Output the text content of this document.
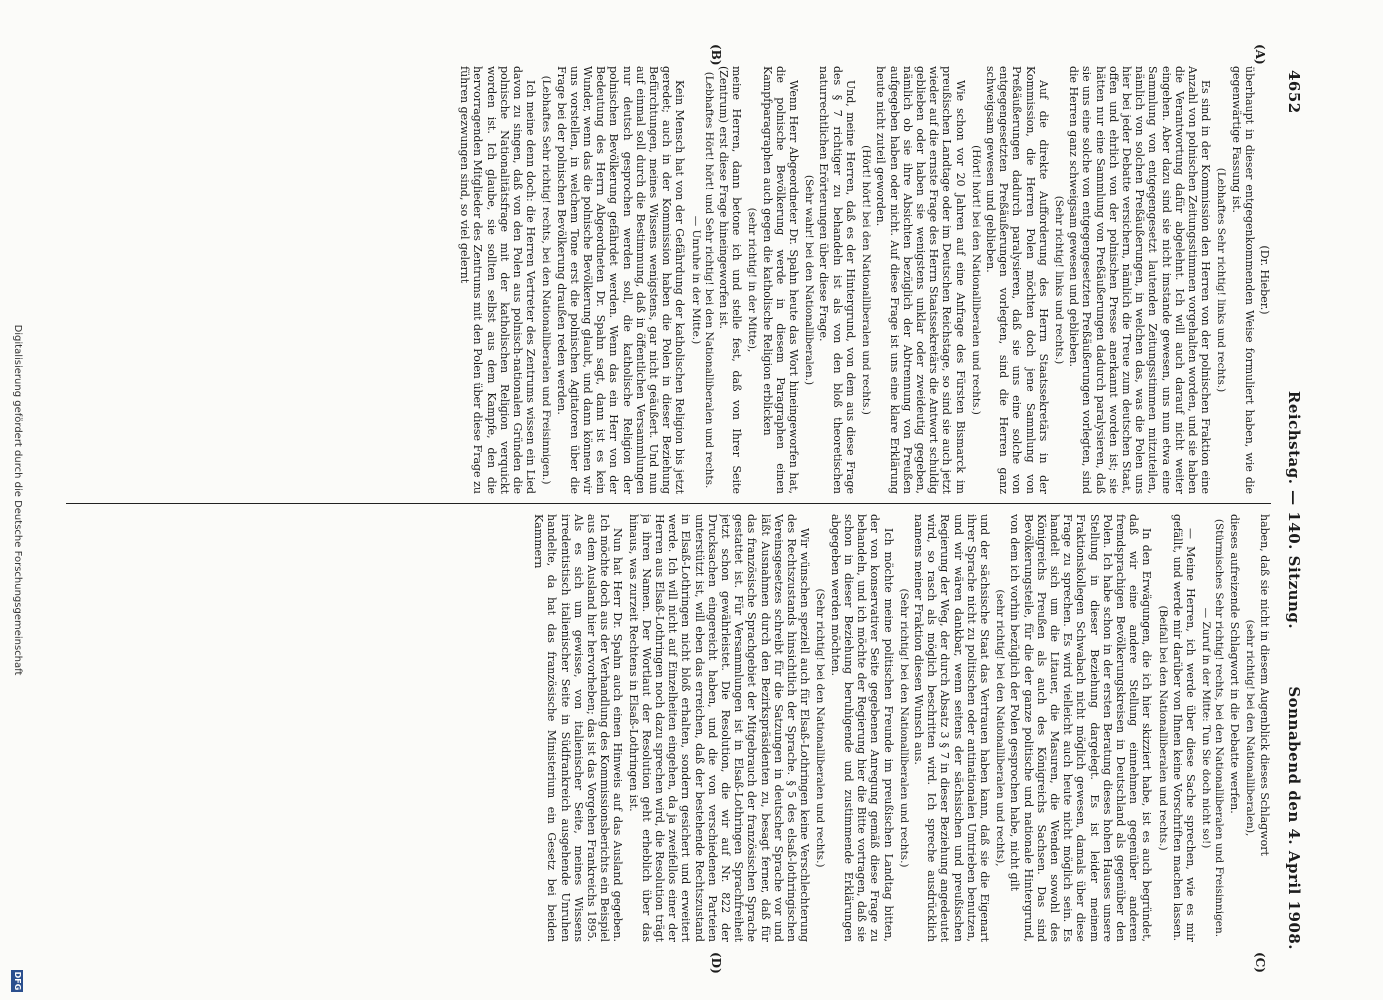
4652
Reichstag. — 140. Sitzung.
Sonnabend den 4. April 1908.
(A)
(B)
(C)
(D)

(Dr. Hieber.)

überhaupt in dieser entgegenkommenden Weise formuliert haben, wie die gegenwärtige Fassung ist.

(Lebhaftes Sehr richtig! links und rechts.)

Es sind in der Kommission den Herren von der polnischen Fraktion eine Anzahl von polnischen Zeitungsstimmen vorgehalten worden, und sie haben die Verantwortung dafür abgelehnt. Ich will auch darauf nicht weiter eingehen. Aber dazu sind sie nicht imstande gewesen, uns nun etwa eine Sammlung von entgegengesetzt lautenden Zeitungsstimmen mitzuteilen, nämlich von solchen Preßäußerungen, in welchen das, was die Polen uns hier bei jeder Debatte versichern, nämlich die Treue zum deutschen Staat, offen und ehrlich von der polnischen Presse anerkannt worden ist; sie hätten nur eine Sammlung von Preßäußerungen dadurch paralysieren, daß sie uns eine solche von entgegengesetzten Preßäußerungen vorlegten, sind die Herren ganz schweigsam gewesen und geblieben.

(Sehr richtig! links und rechts.)

Auf die direkte Aufforderung des Herrn Staatssekretärs in der Kommission, die Herren Polen möchten doch jene Sammlung von Preßäußerungen dadurch paralysieren, daß sie uns eine solche von entgegengesetzten Preßäußerungen vorlegten, sind die Herren ganz schweigsam gewesen und geblieben.

(Hört! hört! bei den Nationalliberalen und rechts.)

Wie schon vor 20 Jahren auf eine Anfrage des Fürsten Bismarck im preußischen Landtage oder im Deutschen Reichstage, so sind sie auch jetzt wieder auf die ernste Frage des Herrn Staatssekretärs die Antwort schuldig geblieben oder haben sie wenigstens unklar oder zweideutig gegeben, nämlich ob sie ihre Absichten bezüglich der Abtrennung von Preußen aufgegeben haben oder nicht. Auf diese Frage ist uns eine klare Erklärung heute nicht zuteil geworden.

(Hört! hört! bei den Nationalliberalen und rechts.)

Und, meine Herren, daß es der Hintergrund, von dem aus diese Frage des § 7 richtiger zu behandeln ist als von den bloß theoretischen naturrechtlichen Erörterungen über diese Frage.

(Sehr wahr! bei den Nationalliberalen.)

Wenn Herr Abgeordneter Dr. Spahn heute das Wort hineingeworfen hat, die polnische Bevölkerung werde in diesem Paragraphen einen Kampfparagraphen auch gegen die katholische Religion erblicken

(sehr richtig! in der Mitte),

meine Herren, dann betone ich und stelle fest, daß von Ihrer Seite (Zentrum) erst diese Frage hineingeworfen ist.

(Lebhaftes Hört! hört! und Sehr richtig! bei den Nationalliberalen und rechts. — Unruhe in der Mitte.)

Kein Mensch hat von der Gefährdung der katholischen Religion bis jetzt geredet; auch in der Kommission haben die Polen in dieser Beziehung Befürchtungen, meines Wissens wenigstens, gar nicht geäußert. Und nun auf einmal soll durch die Bestimmung, daß in öffentlichen Versammlungen nur deutsch gesprochen werden soll, die katholische Religion der polnischen Bevölkerung gefährdet werden. Wenn das ein Herr von der Bedeutung des Herrn Abgeordneten Dr. Spahn sagt, dann ist es kein Wunder, wenn das die polnische Bevölkerung glaubt, und dann können wir uns vorstellen, in welchem Tone erst die polnischen Agitatoren über die Frage bei der polnischen Bevölkerung draußen reden werden.

(Lebhaftes Sehr richtig! rechts, bei den Nationalliberalen und Freisinnigen.)

Ich meine denn doch: die Herren Vertreter des Zentrums wissen ein Lied davon zu singen, daß von den Polen aus polnisch-nationalen Gründen die polnische Nationalitätsfrage mit der katholischen Religion verquickt worden ist. Ich glaube, sie sollten selbst aus dem Kampfe, den die hervorragenden Mitglieder des Zentrums mit den Polen über diese Frage zu führen gezwungen sind, so viel gelernt

haben, daß sie nicht in diesem Augenblick dieses Schlagwort

(sehr richtig! bei den Nationalliberalen),

dieses aufreizende Schlagwort in die Debatte werfen.

(Stürmisches Sehr richtig! rechts, bei den Nationalliberalen und Freisinnigen. — Zuruf in der Mitte: Tun Sie doch nicht so!)

— Meine Herren, ich werde über diese Sache sprechen, wie es mir gefällt, und werde mir darüber von Ihnen keine Vorschriften machen lassen.

(Beifall bei den Nationalliberalen und rechts.)

In den Erwägungen, die ich hier skizziert habe, ist es auch begründet, daß wir eine andere Stellung einnehmen gegenüber anderen fremdsprachigen Bevölkerungskreisen in Deutschland als gegenüber den Polen. Ich habe schon in der ersten Beratung dieses hohen Hauses unsere Stellung in dieser Beziehung dargelegt. Es ist leider meinem Fraktionskollegen Schwabach nicht möglich gewesen, damals über diese Frage zu sprechen. Es wird vielleicht auch heute nicht möglich sein. Es handelt sich um die Litauer, die Masuren, die Wenden sowohl des Königreichs Preußen als auch des Königreichs Sachsen. Das sind Bevölkerungsteile, für die der ganze politische und nationale Hintergrund, von dem ich vorhin bezüglich der Polen gesprochen habe, nicht gilt

(sehr richtig! bei den Nationalliberalen und rechts),

und der sächsische Staat das Vertrauen haben kann, daß sie die Eigenart ihrer Sprache nicht zu politischen oder antinationalen Umtrieben benutzen, und wir wären dankbar, wenn seitens der sächsischen und preußischen Regierung der Weg, der durch Absatz 3 § 7 in dieser Beziehung angedeutet wird, so rasch als möglich beschritten wird. Ich spreche ausdrücklich namens meiner Fraktion diesen Wunsch aus.

(Sehr richtig! bei den Nationalliberalen und rechts.)

Ich möchte meine politischen Freunde im preußischen Landtag bitten, der von konservativer Seite gegebenen Anregung gemäß diese Frage zu behandeln, und ich möchte der Regierung hier die Bitte vortragen, daß sie schon in dieser Beziehung beruhigende und zustimmende Erklärungen abgegeben werden möchten.

(Sehr richtig! bei den Nationalliberalen und rechts.)

Wir wünschen speziell auch für Elsaß-Lothringen keine Verschlechterung des Rechtszustands hinsichtlich der Sprache. § 5 des elsaß-lothringischen Vereinsgesetzes schreibt für die Satzungen in deutscher Sprache vor und läßt Ausnahmen durch den Bezirkspräsidenten zu, besagt ferner, daß für das französische Sprachgebiet der Mitgebrauch der französischen Sprache gestattet ist. Für Versammlungen ist in Elsaß-Lothringen Sprachfreiheit jetzt schon gewährleistet. Die Resolution, die wir auf Nr. 822 der Drucksachen eingereicht haben, und die von verschiedenen Parteien unterstützt ist, will eben das erreichen, daß der bestehende Rechtszustand in Elsaß-Lothringen nicht bloß erhalten, sondern gesichert und erweitert werde. Ich will nicht auf Einzelheiten eingehen, da ja zweifellos einer der Herren aus Elsaß-Lothringen noch dazu sprechen wird, die Resolution trägt ja ihren Namen. Der Wortlaut der Resolution geht erheblich über das hinaus, was zurzeit Rechtens in Elsaß-Lothringen ist.

Nun hat Herr Dr. Spahn auch einen Hinweis auf das Ausland gegeben. Ich möchte doch aus der Verhandlung des Kommissionsberichts ein Beispiel aus dem Ausland hier hervorheben; das ist das Vorgehen Frankreichs 1895. Als es sich um gewisse, von italienischer Seite, meines Wissens irredentistisch italienischer Seite in Südfrankreich ausgehende Unruhen handelte, da hat das französische Ministerium ein Gesetz bei beiden Kammern

Digitalisierung gefördert durch die Deutsche Forschungsgemeinschaft
DFG
